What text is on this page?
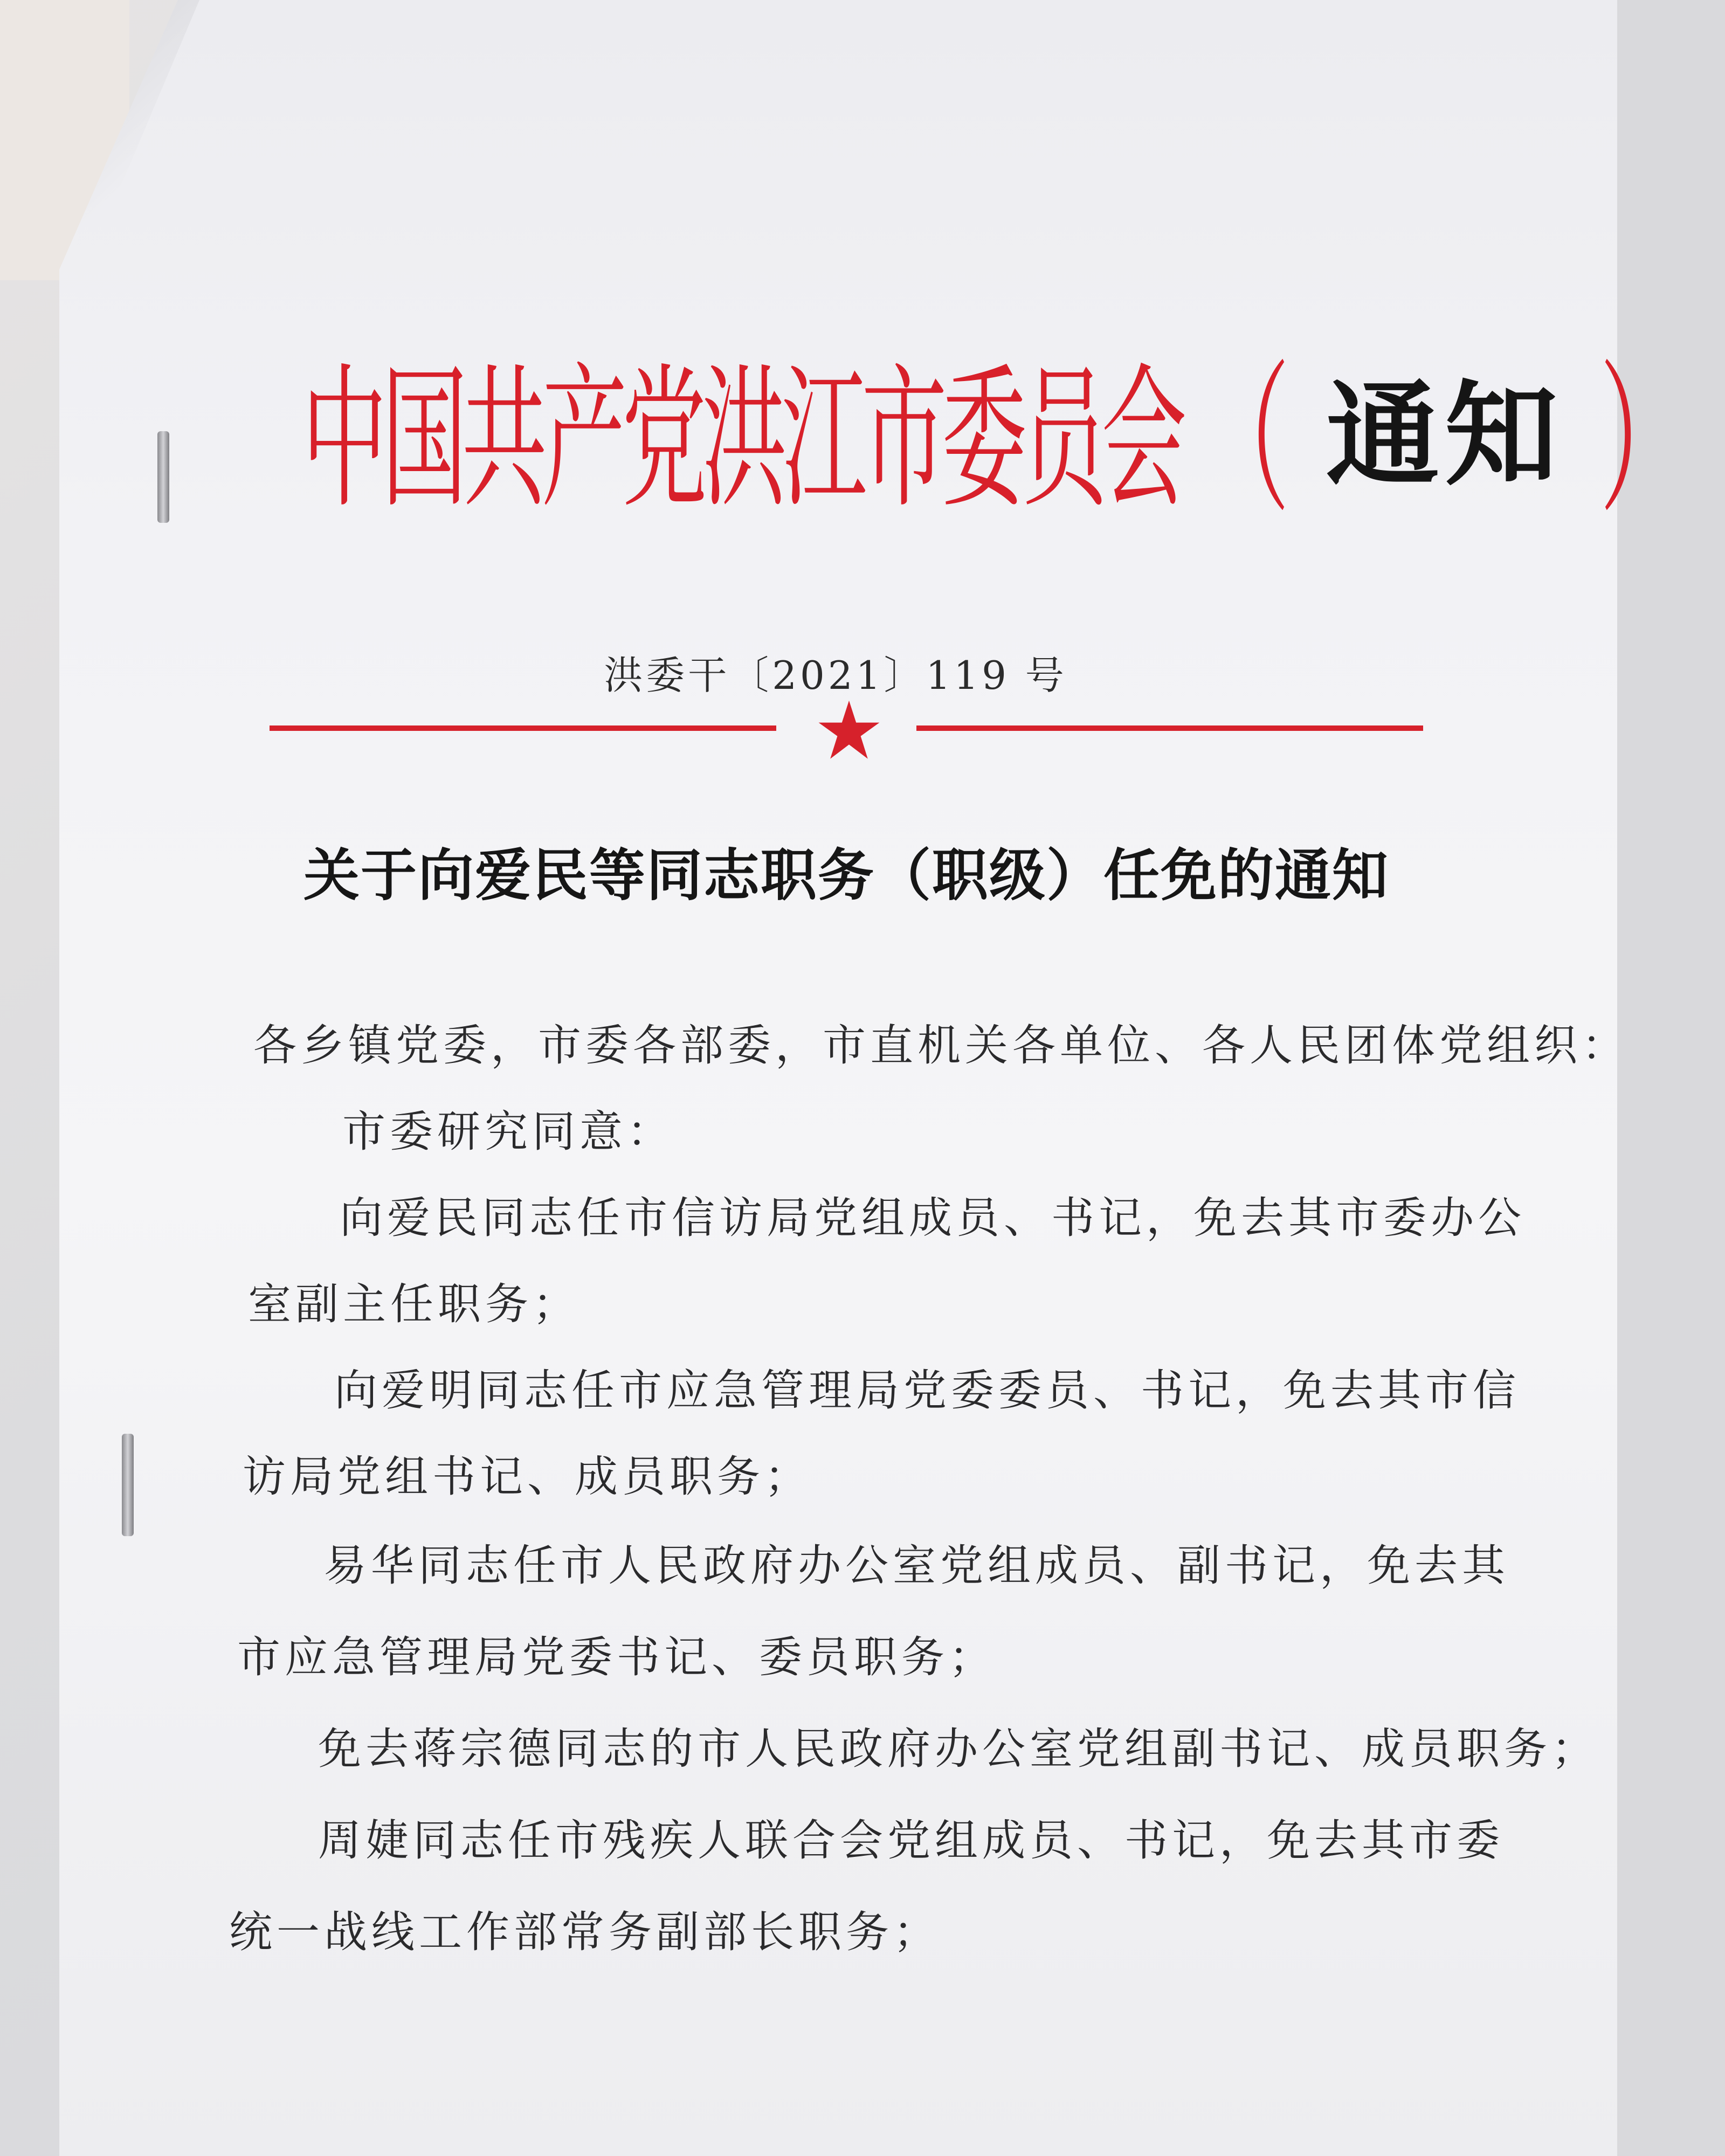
中国共产党洪江市委员会 （ 通知 ）
洪委干〔2021〕119 号
关于向爱民等同志职务（职级）任免的通知
各乡镇党委，市委各部委，市直机关各单位、各人民团体党组织：
市委研究同意：
向爱民同志任市信访局党组成员、书记，免去其市委办公
室副主任职务；
向爱明同志任市应急管理局党委委员、书记，免去其市信
访局党组书记、成员职务；
易华同志任市人民政府办公室党组成员、副书记，免去其
市应急管理局党委书记、委员职务；
免去蒋宗德同志的市人民政府办公室党组副书记、成员职务；
周婕同志任市残疾人联合会党组成员、书记，免去其市委
统一战线工作部常务副部长职务；
